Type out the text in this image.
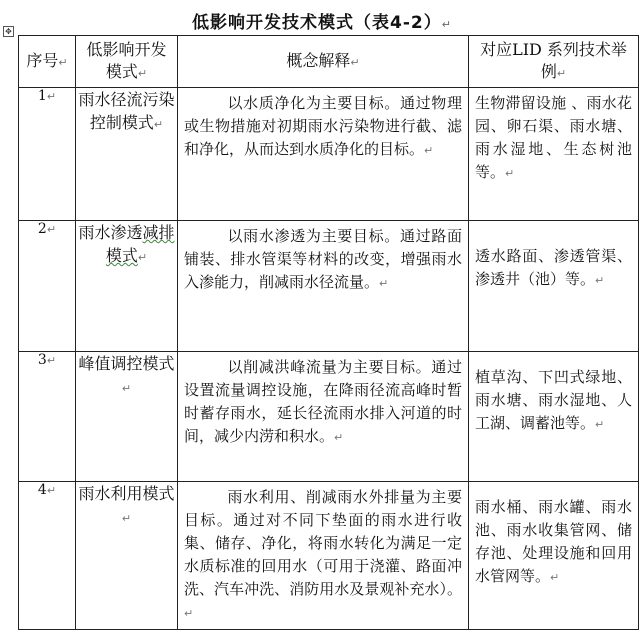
低影响开发技术模式（表4-2）↵
✥
序号↵	低影响开发模式↵	概念解释↵	对应LID 系列技术举例↵

1↵	雨水径流污染控制模式↵	以水质净化为主要目标。通过物理或生物措施对初期雨水污染物进行截、滤和净化，从而达到水质净化的目标。↵	生物滞留设施 、雨水花园、卵石渠、雨水塘、雨水湿地、生态树池等。↵

2↵	雨水渗透减排模式↵	以雨水渗透为主要目标。通过路面铺装、排水管渠等材料的改变，增强雨水入渗能力，削减雨水径流量。↵	透水路面、渗透管渠、渗透井（池）等。↵

3↵	峰值调控模式↵	以削减洪峰流量为主要目标。通过设置流量调控设施，在降雨径流高峰时暂时蓄存雨水，延长径流雨水排入河道的时间，减少内涝和积水。↵	植草沟、下凹式绿地、雨水塘、雨水湿地、人工湖、调蓄池等。↵

4↵	雨水利用模式↵	雨水利用、削减雨水外排量为主要目标。通过对不同下垫面的雨水进行收集、储存、净化，将雨水转化为满足一定水质标准的回用水（可用于浇灌、路面冲洗、汽车冲洗、消防用水及景观补充水）。↵	雨水桶、雨水罐、雨水池、雨水收集管网、储存池、处理设施和回用水管网等。↵
